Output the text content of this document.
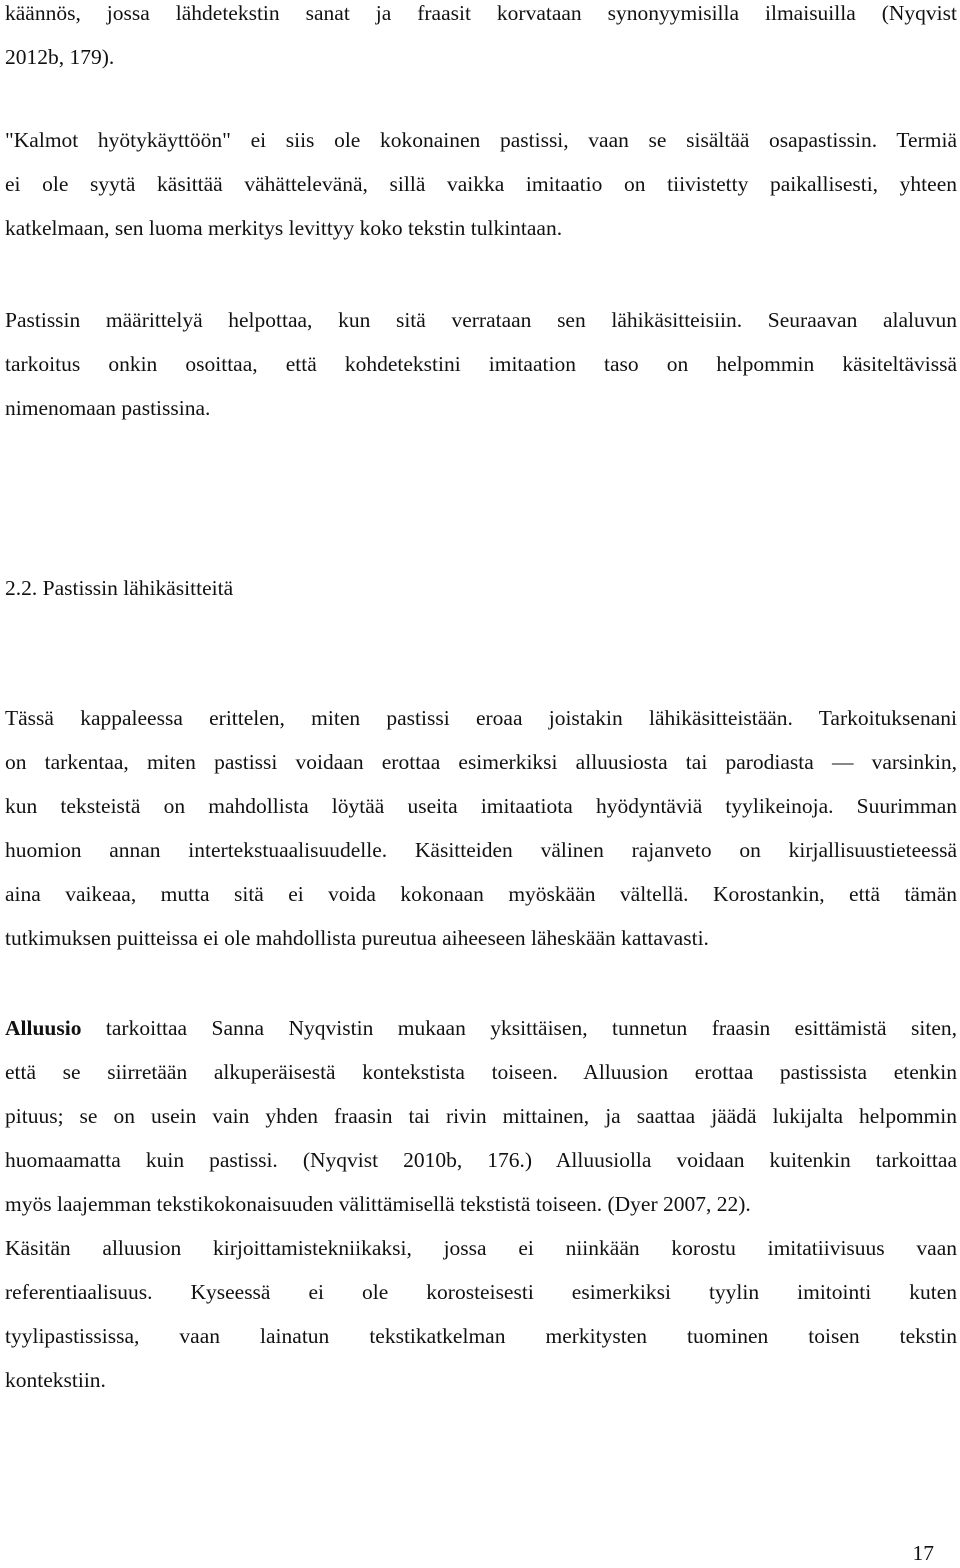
käännös, jossa lähdetekstin sanat ja fraasit korvataan synonyymisilla ilmaisuilla (Nyqvist
2012b, 179).

"Kalmot hyötykäyttöön" ei siis ole kokonainen pastissi, vaan se sisältää osapastissin. Termiä
ei ole syytä käsittää vähättelevänä, sillä vaikka imitaatio on tiivistetty paikallisesti, yhteen
katkelmaan, sen luoma merkitys levittyy koko tekstin tulkintaan.

Pastissin määrittelyä helpottaa, kun sitä verrataan sen lähikäsitteisiin. Seuraavan alaluvun
tarkoitus onkin osoittaa, että kohdetekstini imitaation taso on helpommin käsiteltävissä
nimenomaan pastissina.

2.2. Pastissin lähikäsitteitä

Tässä kappaleessa erittelen, miten pastissi eroaa joistakin lähikäsitteistään. Tarkoituksenani
on tarkentaa, miten pastissi voidaan erottaa esimerkiksi alluusiosta tai parodiasta — varsinkin,
kun teksteistä on mahdollista löytää useita imitaatiota hyödyntäviä tyylikeinoja. Suurimman
huomion annan intertekstuaalisuudelle. Käsitteiden välinen rajanveto on kirjallisuustieteessä
aina vaikeaa, mutta sitä ei voida kokonaan myöskään vältellä. Korostankin, että tämän
tutkimuksen puitteissa ei ole mahdollista pureutua aiheeseen läheskään kattavasti.

Alluusio tarkoittaa Sanna Nyqvistin mukaan yksittäisen, tunnetun fraasin esittämistä siten,
että se siirretään alkuperäisestä kontekstista toiseen. Alluusion erottaa pastissista etenkin
pituus; se on usein vain yhden fraasin tai rivin mittainen, ja saattaa jäädä lukijalta helpommin
huomaamatta kuin pastissi. (Nyqvist 2010b, 176.) Alluusiolla voidaan kuitenkin tarkoittaa
myös laajemman tekstikokonaisuuden välittämisellä tekstistä toiseen. (Dyer 2007, 22).
Käsitän alluusion kirjoittamistekniikaksi, jossa ei niinkään korostu imitatiivisuus vaan
referentiaalisuus. Kyseessä ei ole korosteisesti esimerkiksi tyylin imitointi kuten
tyylipastississa, vaan lainatun tekstikatkelman merkitysten tuominen toisen tekstin
kontekstiin.

17
